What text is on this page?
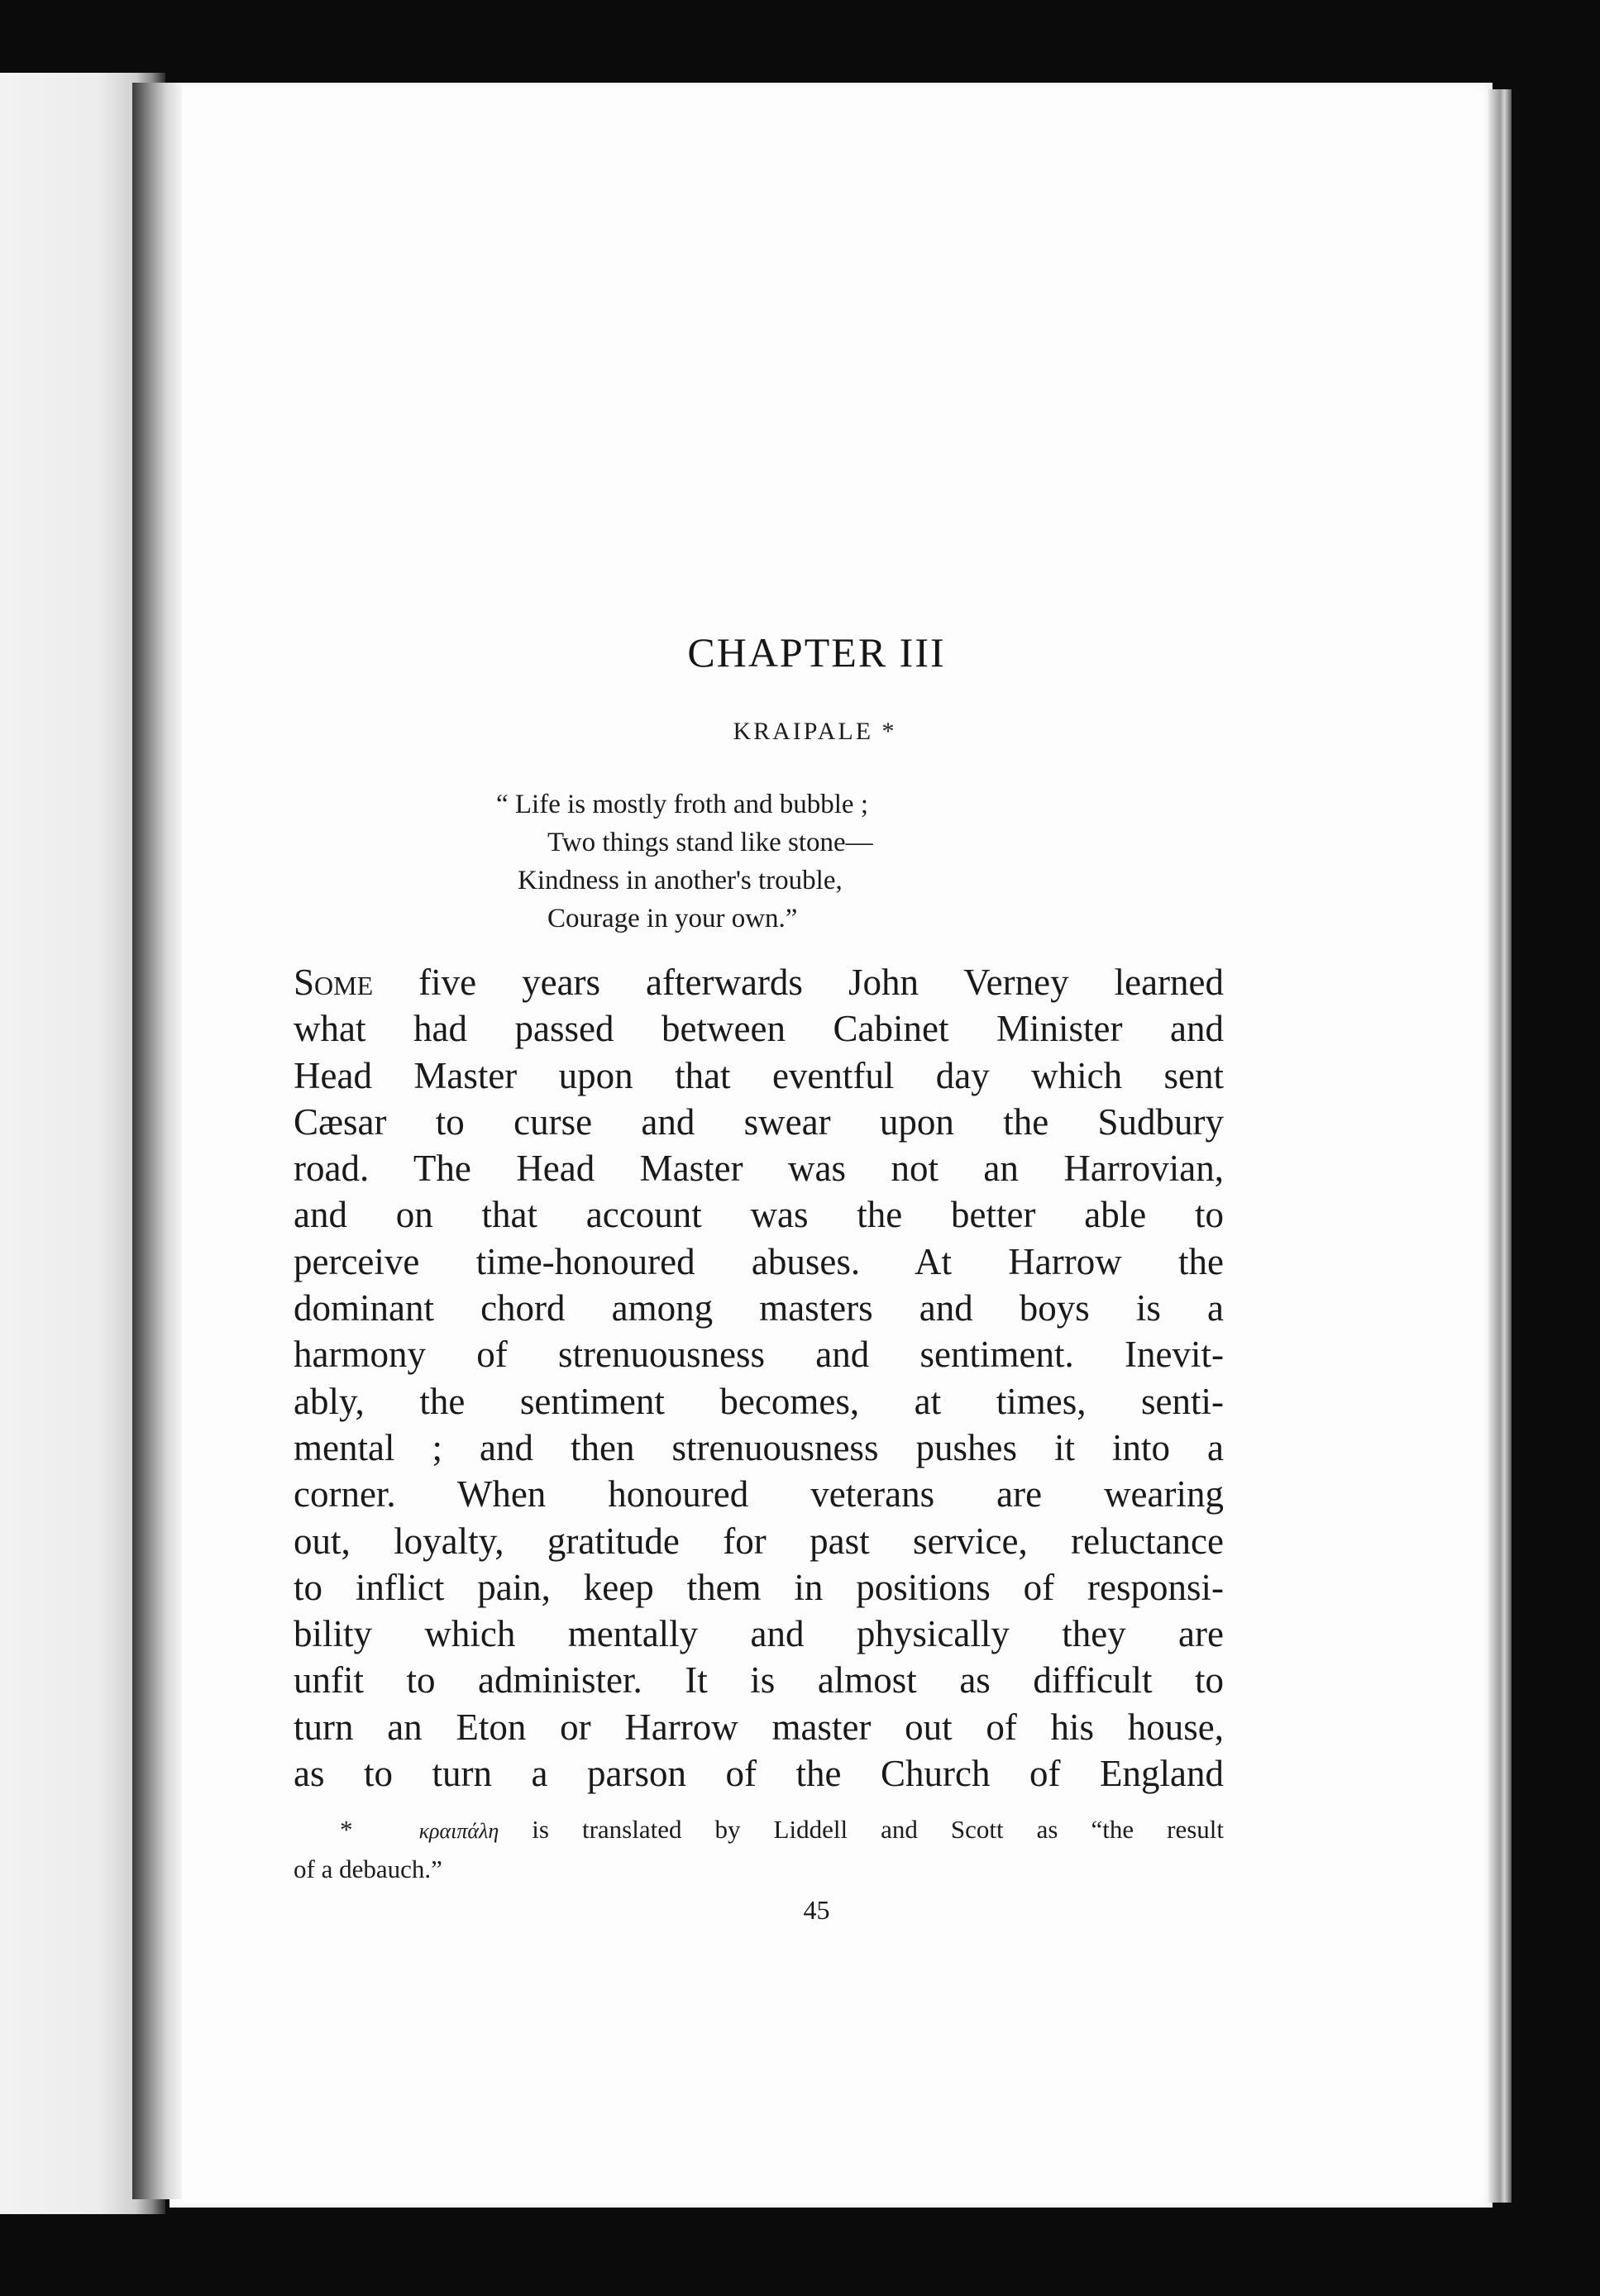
CHAPTER III
KRAIPALE *
“ Life is mostly froth and bubble ;
Two things stand like stone—
Kindness in another's trouble,
Courage in your own.”
Some five years afterwards John Verney learned
what had passed between Cabinet Minister and
Head Master upon that eventful day which sent
Cæsar to curse and swear upon the Sudbury
road. The Head Master was not an Harrovian,
and on that account was the better able to
perceive time-honoured abuses. At Harrow the
dominant chord among masters and boys is a
harmony of strenuousness and sentiment. Inevit-
ably, the sentiment becomes, at times, senti-
mental ; and then strenuousness pushes it into a
corner. When honoured veterans are wearing
out, loyalty, gratitude for past service, reluctance
to inflict pain, keep them in positions of responsi-
bility which mentally and physically they are
unfit to administer. It is almost as difficult to
turn an Eton or Harrow master out of his house,
as to turn a parson of the Church of England
*	κραιπάλη is translated by Liddell and Scott as “the result
of a debauch.”
45
